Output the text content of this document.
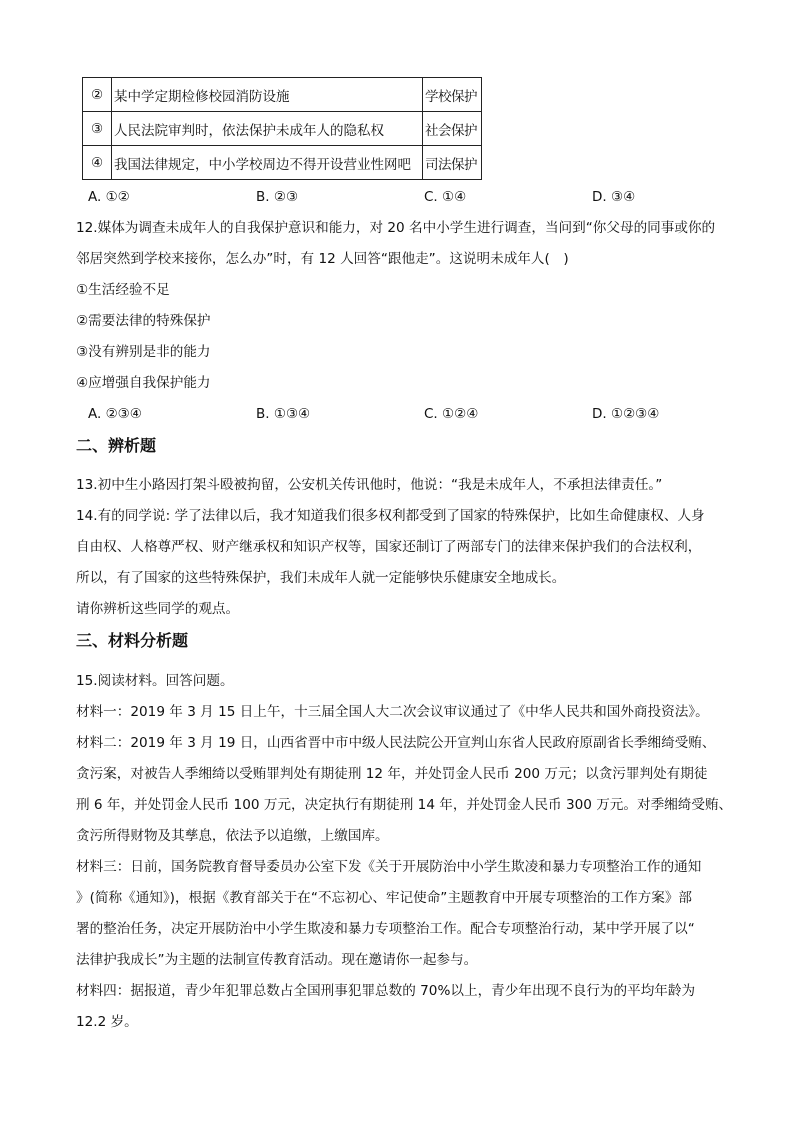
②	某中学定期检修校园消防设施	学校保护
③	人民法院审判时，依法保护未成年人的隐私权	社会保护
④	我国法律规定，中小学校周边不得开设营业性网吧	司法保护
A. ①②	B. ②③	C. ①④	D. ③④
12.媒体为调查未成年人的自我保护意识和能力，对 20 名中小学生进行调查，当问到“你父母的同事或你的
邻居突然到学校来接你，怎么办”时，有 12 人回答“跟他走”。这说明未成年人(　)
①生活经验不足
②需要法律的特殊保护
③没有辨别是非的能力
④应增强自我保护能力
A. ②③④	B. ①③④	C. ①②④	D. ①②③④
二、辨析题
13.初中生小路因打架斗殴被拘留，公安机关传讯他时，他说：“我是未成年人，不承担法律责任。”
14.有的同学说: 学了法律以后，我才知道我们很多权利都受到了国家的特殊保护，比如生命健康权、人身
自由权、人格尊严权、财产继承权和知识产权等，国家还制订了两部专门的法律来保护我们的合法权利，
所以，有了国家的这些特殊保护，我们未成年人就一定能够快乐健康安全地成长。
请你辨析这些同学的观点。
三、材料分析题
15.阅读材料。回答问题。
材料一：2019 年 3 月 15 日上午，十三届全国人大二次会议审议通过了《中华人民共和国外商投资法》。
材料二：2019 年 3 月 19 日，山西省晋中市中级人民法院公开宣判山东省人民政府原副省长季缃绮受贿、
贪污案，对被告人季缃绮以受贿罪判处有期徒刑 12 年，并处罚金人民币 200 万元；以贪污罪判处有期徒
刑 6 年，并处罚金人民币 100 万元，决定执行有期徒刑 14 年，并处罚金人民币 300 万元。对季缃绮受贿、
贪污所得财物及其孳息，依法予以追缴，上缴国库。
材料三：日前，国务院教育督导委员办公室下发《关于开展防治中小学生欺凌和暴力专项整治工作的通知
》(简称《通知》)，根据《教育部关于在“不忘初心、牢记使命”主题教育中开展专项整治的工作方案》部
署的整治任务，决定开展防治中小学生欺凌和暴力专项整治工作。配合专项整治行动，某中学开展了以“
法律护我成长”为主题的法制宣传教育活动。现在邀请你一起参与。
材料四：据报道，青少年犯罪总数占全国刑事犯罪总数的 70%以上，青少年出现不良行为的平均年龄为
12.2 岁。
